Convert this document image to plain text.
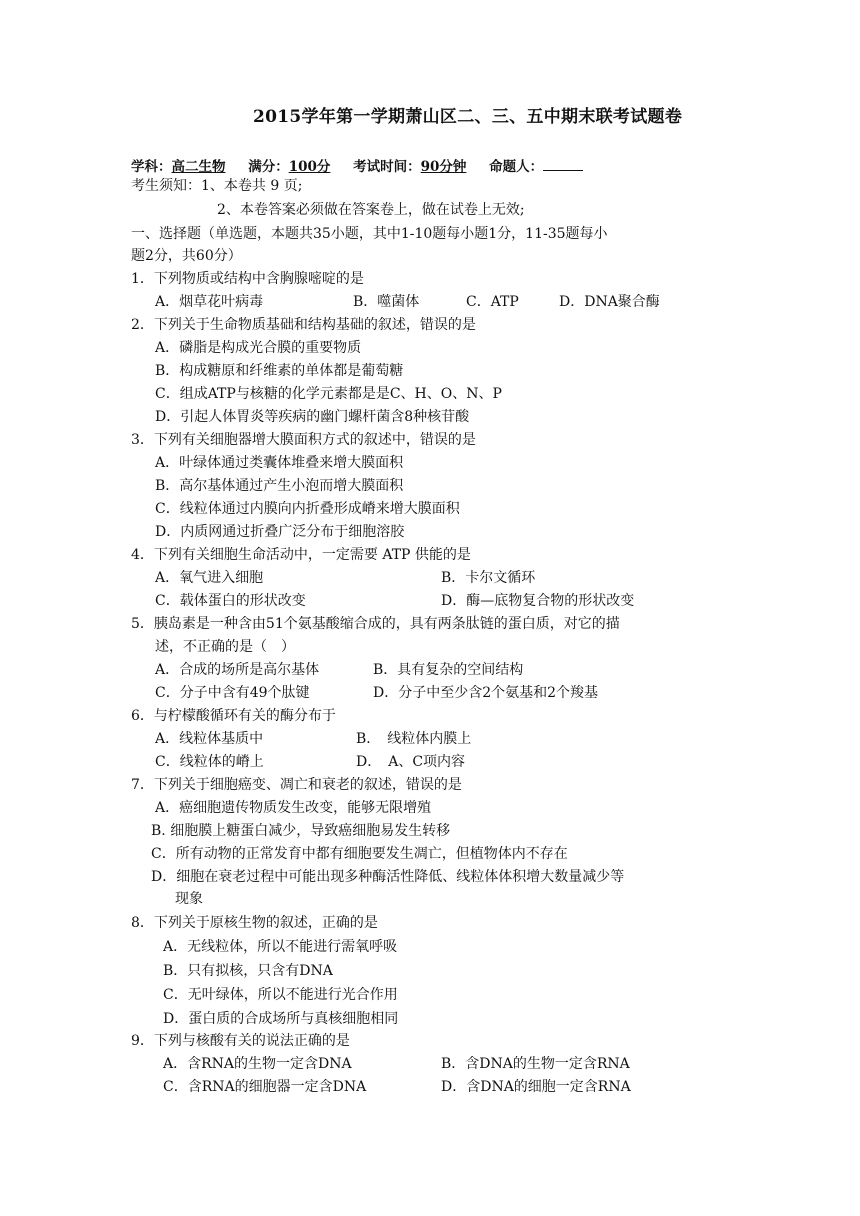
2015学年第一学期萧山区二、三、五中期末联考试题卷
学科：高二生物 满分：100分 考试时间：90分钟 命题人：
考生须知：1、本卷共 9 页;
2、本卷答案必须做在答案卷上，做在试卷上无效;
一、选择题（单选题，本题共35小题，其中1-10题每小题1分，11-35题每小
题2分，共60分）
1．下列物质或结构中含胸腺嘧啶的是
A．烟草花叶病毒	B．噬菌体	C．ATP	D．DNA聚合酶
2．下列关于生命物质基础和结构基础的叙述，错误的是
A．磷脂是构成光合膜的重要物质
B．构成糖原和纤维素的单体都是葡萄糖
C．组成ATP与核糖的化学元素都是是C、H、O、N、P
D．引起人体胃炎等疾病的幽门螺杆菌含8种核苷酸
3．下列有关细胞器增大膜面积方式的叙述中，错误的是
A．叶绿体通过类囊体堆叠来增大膜面积
B．高尔基体通过产生小泡而增大膜面积
C．线粒体通过内膜向内折叠形成嵴来增大膜面积
D．内质网通过折叠广泛分布于细胞溶胶
4．下列有关细胞生命活动中，一定需要 ATP 供能的是
A．氧气进入细胞	B．卡尔文循环
C．载体蛋白的形状改变	D．酶—底物复合物的形状改变
5．胰岛素是一种含由51个氨基酸缩合成的，具有两条肽链的蛋白质，对它的描
述，不正确的是（　）
A．合成的场所是高尔基体	B．具有复杂的空间结构
C．分子中含有49个肽键	D．分子中至少含2个氨基和2个羧基
6．与柠檬酸循环有关的酶分布于
A．线粒体基质中	B．　线粒体内膜上
C．线粒体的嵴上	D．　A、C项内容
7．下列关于细胞癌变、凋亡和衰老的叙述，错误的是
A．癌细胞遗传物质发生改变，能够无限增殖
B. 细胞膜上糖蛋白减少，导致癌细胞易发生转移
C．所有动物的正常发育中都有细胞要发生凋亡，但植物体内不存在
D．细胞在衰老过程中可能出现多种酶活性降低、线粒体体积增大数量减少等
现象
8．下列关于原核生物的叙述，正确的是
A．无线粒体，所以不能进行需氧呼吸
B．只有拟核，只含有DNA
C．无叶绿体，所以不能进行光合作用
D．蛋白质的合成场所与真核细胞相同
9．下列与核酸有关的说法正确的是
A．含RNA的生物一定含DNA	B．含DNA的生物一定含RNA
C．含RNA的细胞器一定含DNA	D．含DNA的细胞一定含RNA
